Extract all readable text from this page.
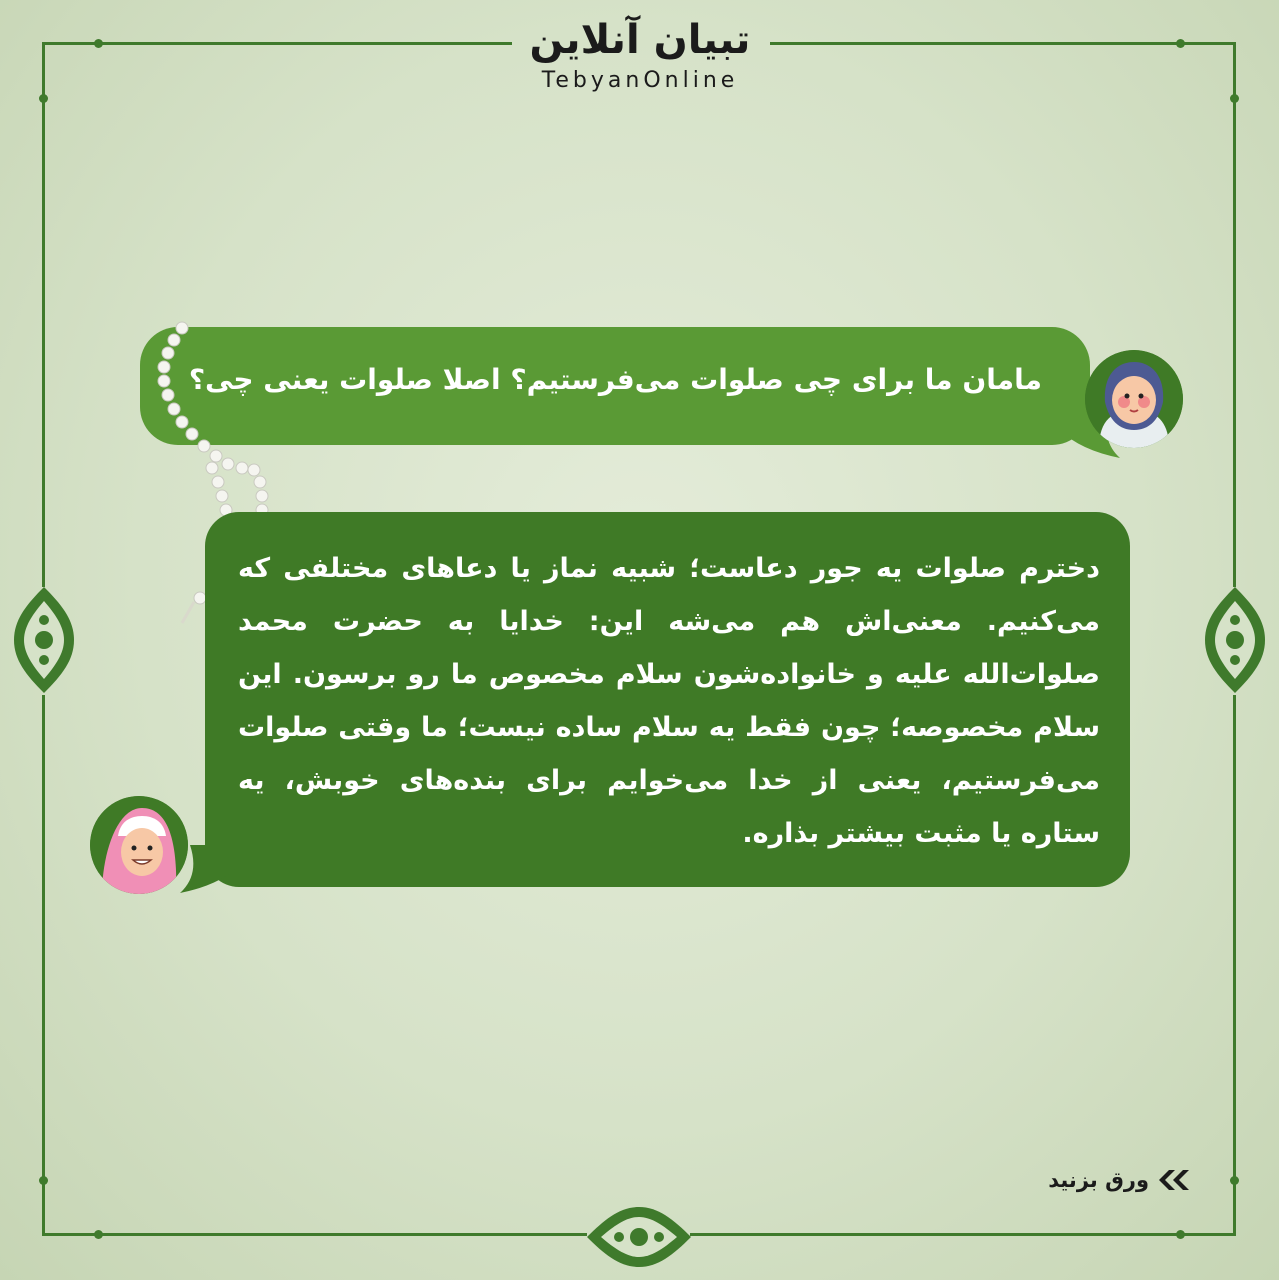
تبیان آنلاین
TebyanOnline
مامان ما برای چی صلوات می‌فرستیم؟ اصلا صلوات یعنی چی؟
دخترم صلوات یه جور دعاست؛ شبیه نماز یا دعاهای مختلفی که می‌کنیم. معنی‌اش هم می‌شه این: خدایا به حضرت محمد صلوات‌الله علیه و خانواده‌شون سلام مخصوص ما رو برسون. این سلام مخصوصه؛ چون فقط یه سلام ساده نیست؛ ما وقتی صلوات می‌فرستیم، یعنی از خدا می‌خوایم برای بنده‌های خوبش، یه ستاره یا مثبت بیشتر بذاره.
ورق بزنید
